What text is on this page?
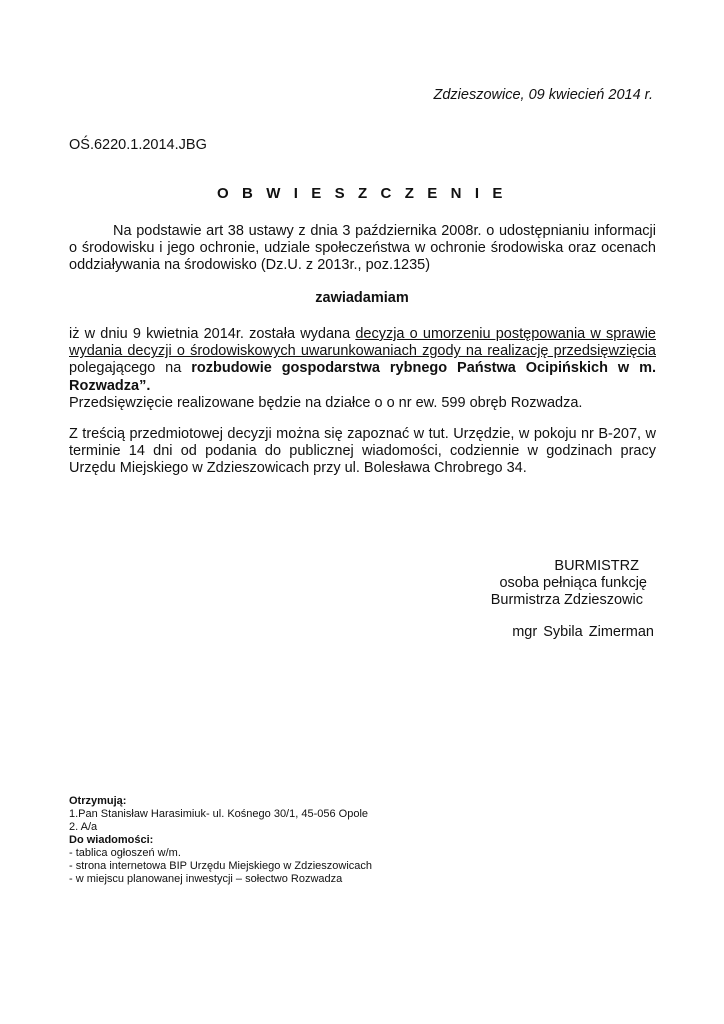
Zdzieszowice, 09 kwiecień 2014 r.
OŚ.6220.1.2014.JBG
O B W I E S Z C Z E N I E
Na podstawie art 38 ustawy z dnia 3 października 2008r. o udostępnianiu informacji o środowisku i jego ochronie, udziale społeczeństwa w ochronie środowiska oraz ocenach oddziaływania na środowisko (Dz.U. z 2013r., poz.1235)
zawiadamiam
iż w dniu 9 kwietnia 2014r. została wydana decyzja o umorzeniu postępowania w sprawie wydania decyzji o środowiskowych uwarunkowaniach zgody na realizację przedsięwzięcia polegającego na rozbudowie gospodarstwa rybnego Państwa Ocipińskich w m. Rozwadza”.
Przedsięwzięcie realizowane będzie na działce o o nr ew. 599 obręb Rozwadza.
Z treścią przedmiotowej decyzji można się zapoznać w tut. Urzędzie, w pokoju nr B-207, w terminie 14 dni od podania do publicznej wiadomości, codziennie w godzinach pracy Urzędu Miejskiego w Zdzieszowicach przy ul. Bolesława Chrobrego 34.
BURMISTRZ
osoba pełniąca funkcję
Burmistrza Zdzieszowic
mgr Sybila Zimerman
Otrzymują:
1.Pan Stanisław Harasimiuk- ul. Kośnego 30/1, 45-056 Opole
2. A/a
Do wiadomości:
- tablica ogłoszeń w/m.
- strona internetowa BIP Urzędu Miejskiego w Zdzieszowicach
- w miejscu planowanej inwestycji – sołectwo Rozwadza
